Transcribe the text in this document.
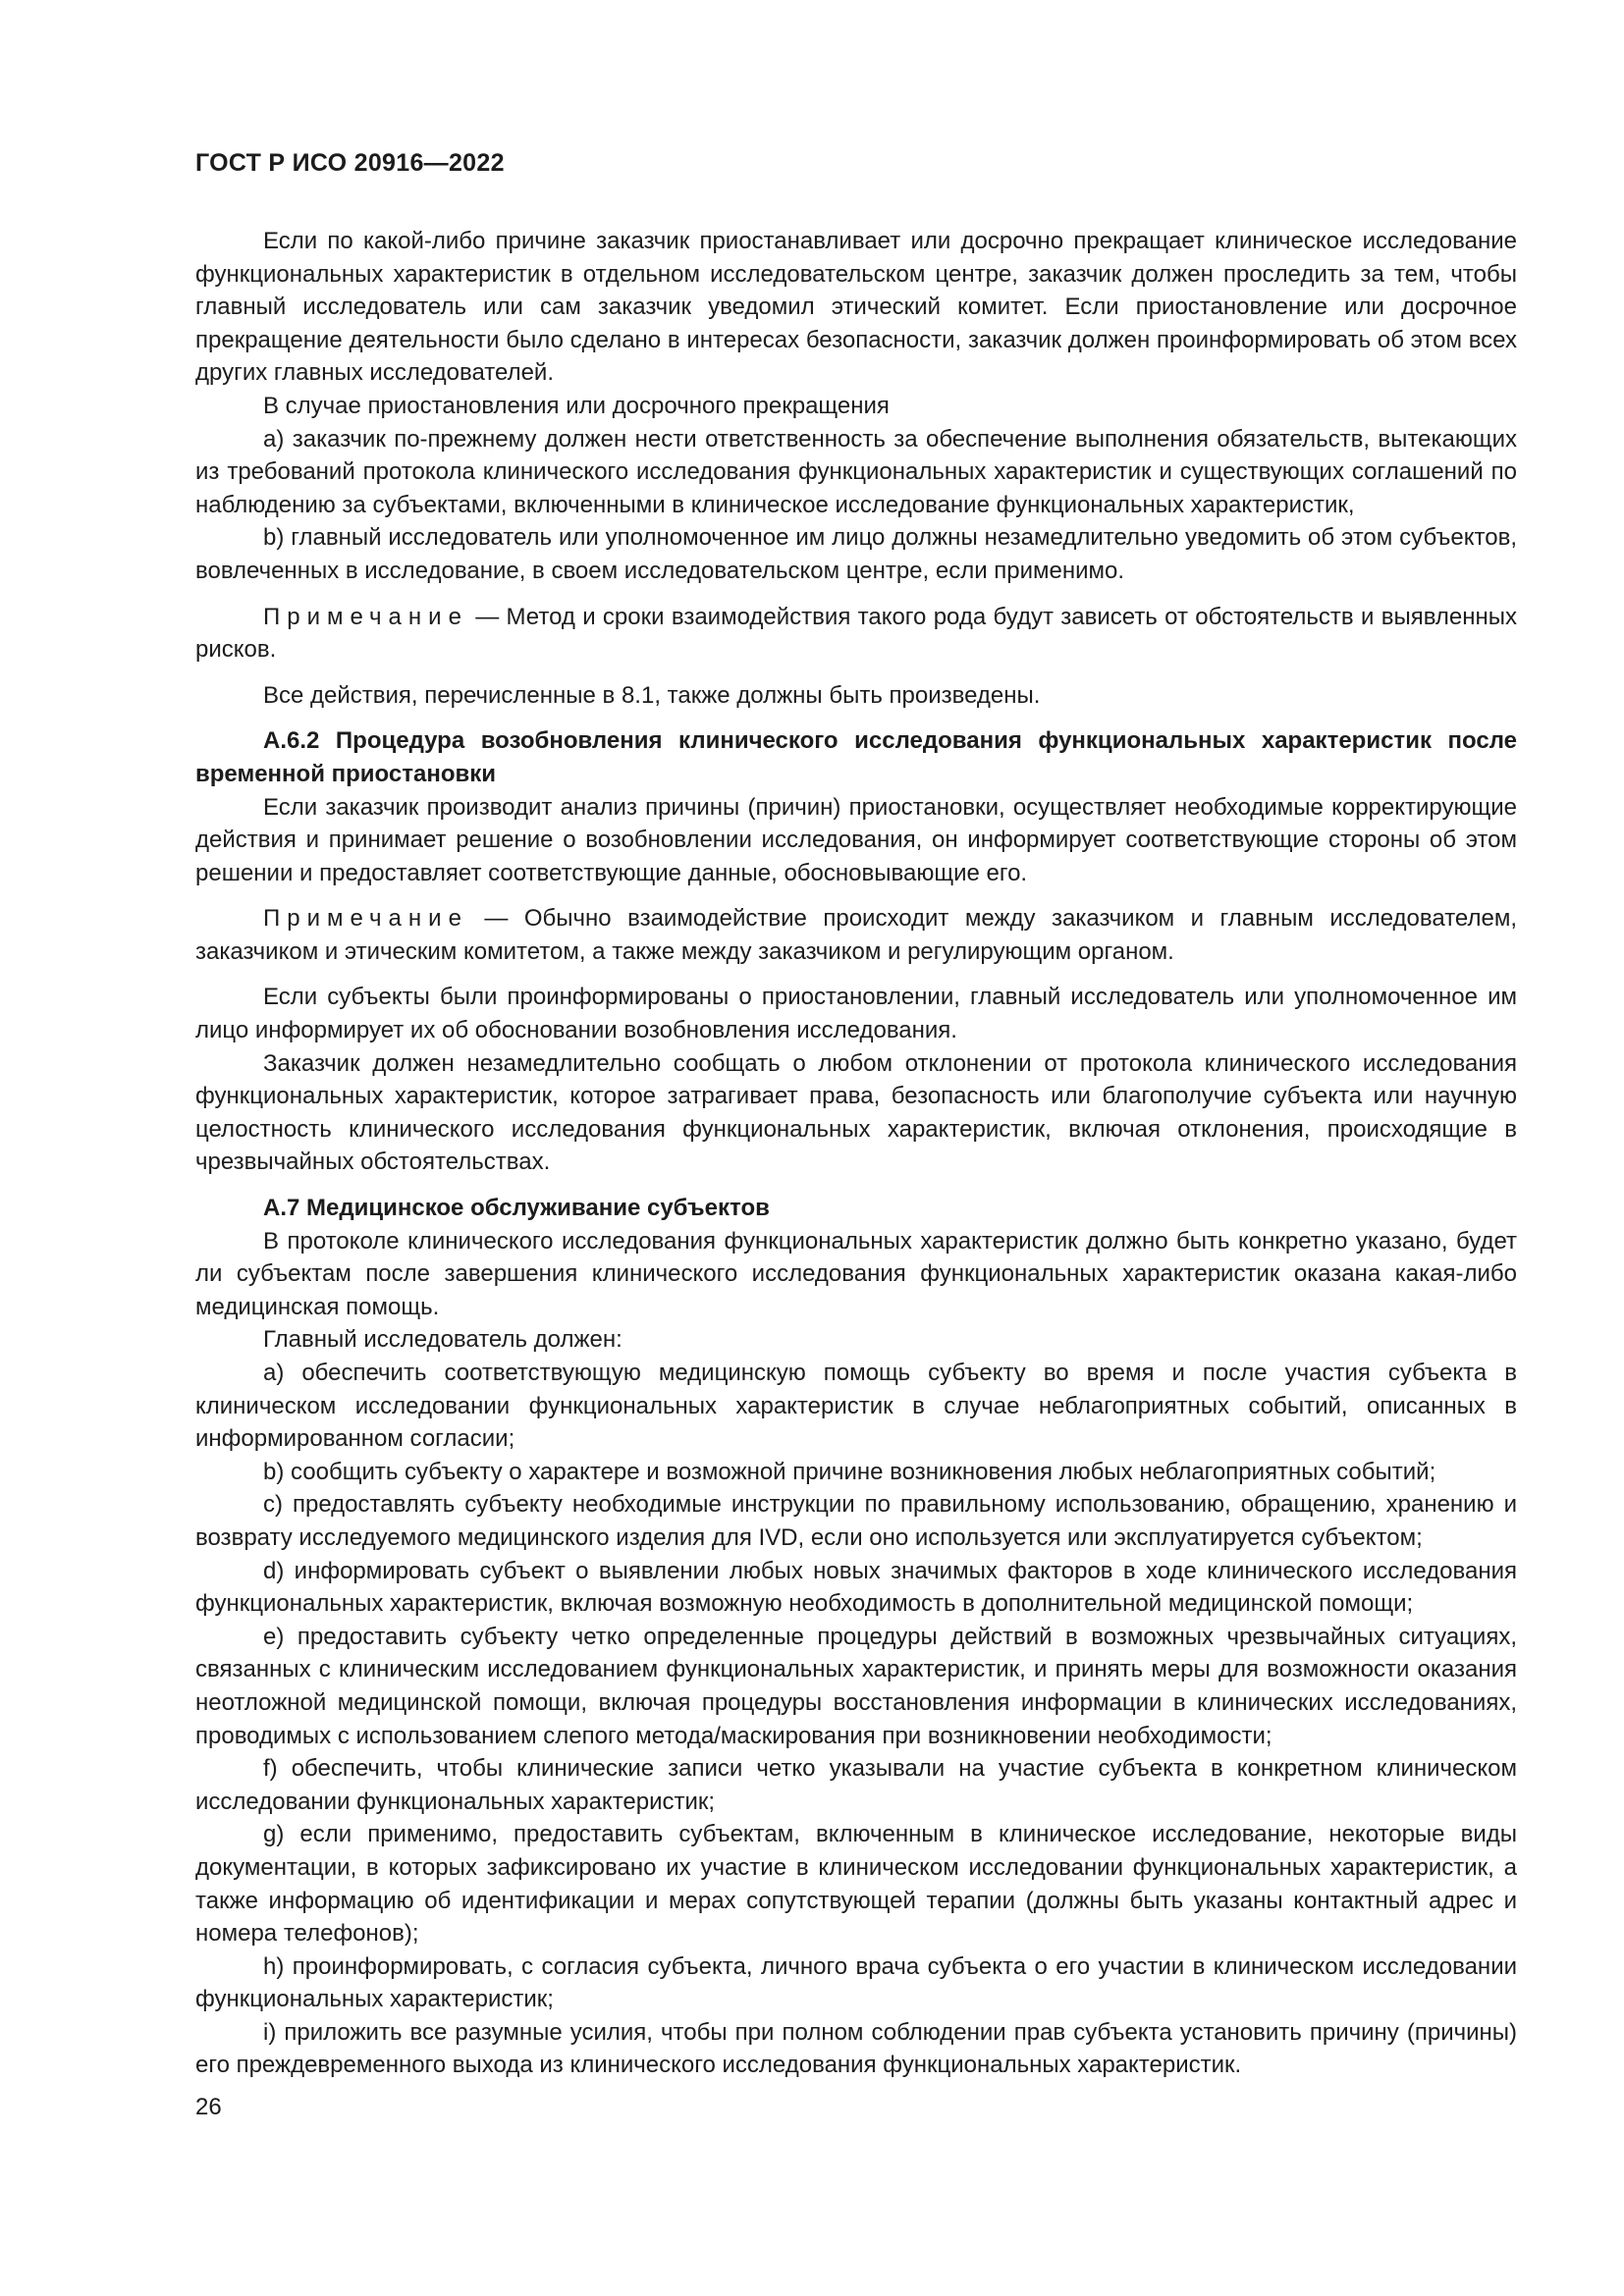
ГОСТ Р ИСО 20916—2022

Если по какой-либо причине заказчик приостанавливает или досрочно прекращает клиническое исследование функциональных характеристик в отдельном исследовательском центре, заказчик должен проследить за тем, чтобы главный исследователь или сам заказчик уведомил этический комитет. Если приостановление или досрочное прекращение деятельности было сделано в интересах безопасности, заказчик должен проинформировать об этом всех других главных исследователей.

В случае приостановления или досрочного прекращения

a) заказчик по-прежнему должен нести ответственность за обеспечение выполнения обязательств, вытекающих из требований протокола клинического исследования функциональных характеристик и существующих соглашений по наблюдению за субъектами, включенными в клиническое исследование функциональных характеристик,

b) главный исследователь или уполномоченное им лицо должны незамедлительно уведомить об этом субъектов, вовлеченных в исследование, в своем исследовательском центре, если применимо.

Примечание — Метод и сроки взаимодействия такого рода будут зависеть от обстоятельств и выявленных рисков.

Все действия, перечисленные в 8.1, также должны быть произведены.

А.6.2 Процедура возобновления клинического исследования функциональных характеристик после временной приостановки

Если заказчик производит анализ причины (причин) приостановки, осуществляет необходимые корректирующие действия и принимает решение о возобновлении исследования, он информирует соответствующие стороны об этом решении и предоставляет соответствующие данные, обосновывающие его.

Примечание — Обычно взаимодействие происходит между заказчиком и главным исследователем, заказчиком и этическим комитетом, а также между заказчиком и регулирующим органом.

Если субъекты были проинформированы о приостановлении, главный исследователь или уполномоченное им лицо информирует их об обосновании возобновления исследования.

Заказчик должен незамедлительно сообщать о любом отклонении от протокола клинического исследования функциональных характеристик, которое затрагивает права, безопасность или благополучие субъекта или научную целостность клинического исследования функциональных характеристик, включая отклонения, происходящие в чрезвычайных обстоятельствах.

А.7 Медицинское обслуживание субъектов

В протоколе клинического исследования функциональных характеристик должно быть конкретно указано, будет ли субъектам после завершения клинического исследования функциональных характеристик оказана какая-либо медицинская помощь.

Главный исследователь должен:

a) обеспечить соответствующую медицинскую помощь субъекту во время и после участия субъекта в клиническом исследовании функциональных характеристик в случае неблагоприятных событий, описанных в информированном согласии;

b) сообщить субъекту о характере и возможной причине возникновения любых неблагоприятных событий;

c) предоставлять субъекту необходимые инструкции по правильному использованию, обращению, хранению и возврату исследуемого медицинского изделия для IVD, если оно используется или эксплуатируется субъектом;

d) информировать субъект о выявлении любых новых значимых факторов в ходе клинического исследования функциональных характеристик, включая возможную необходимость в дополнительной медицинской помощи;

e) предоставить субъекту четко определенные процедуры действий в возможных чрезвычайных ситуациях, связанных с клиническим исследованием функциональных характеристик, и принять меры для возможности оказания неотложной медицинской помощи, включая процедуры восстановления информации в клинических исследованиях, проводимых с использованием слепого метода/маскирования при возникновении необходимости;

f) обеспечить, чтобы клинические записи четко указывали на участие субъекта в конкретном клиническом исследовании функциональных характеристик;

g) если применимо, предоставить субъектам, включенным в клиническое исследование, некоторые виды документации, в которых зафиксировано их участие в клиническом исследовании функциональных характеристик, а также информацию об идентификации и мерах сопутствующей терапии (должны быть указаны контактный адрес и номера телефонов);

h) проинформировать, с согласия субъекта, личного врача субъекта о его участии в клиническом исследовании функциональных характеристик;

i) приложить все разумные усилия, чтобы при полном соблюдении прав субъекта установить причину (причины) его преждевременного выхода из клинического исследования функциональных характеристик.

26
